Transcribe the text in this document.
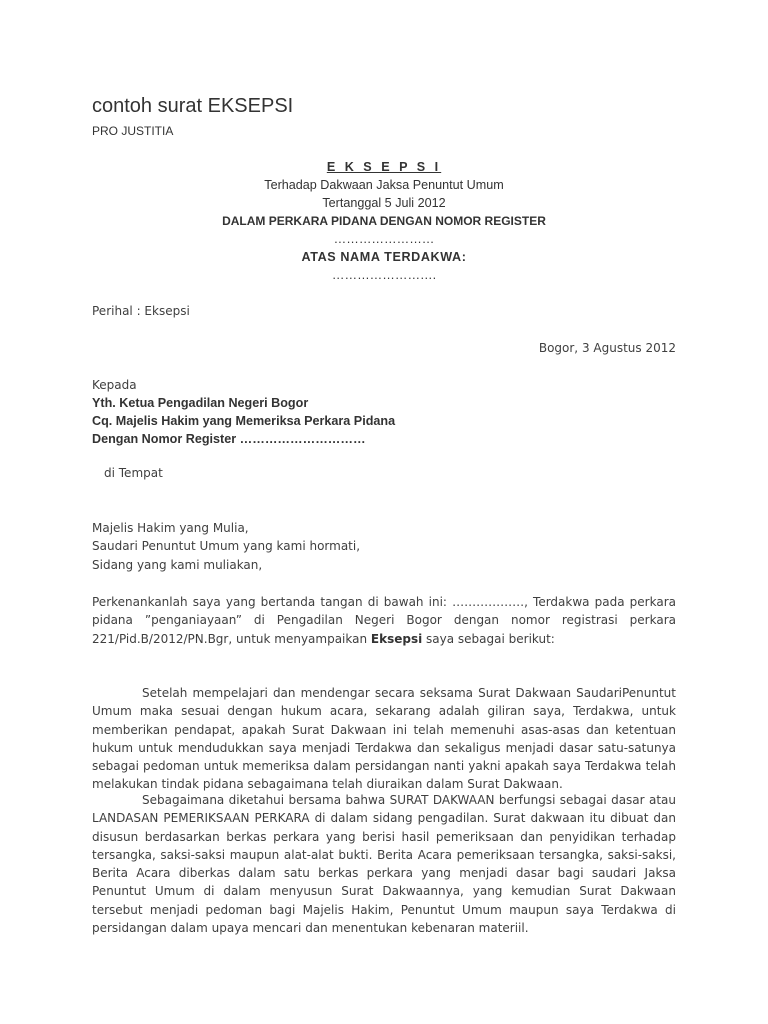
contoh surat EKSEPSI
PRO JUSTITIA
E K S E P S I
Terhadap Dakwaan Jaksa Penuntut Umum
Tertanggal 5 Juli 2012
DALAM PERKARA PIDANA DENGAN NOMOR REGISTER
……………………
ATAS NAMA TERDAKWA:
…………………….
Perihal : Eksepsi
Bogor, 3 Agustus 2012
Kepada
Yth. Ketua Pengadilan Negeri Bogor
Cq. Majelis Hakim yang Memeriksa Perkara Pidana
Dengan Nomor Register …………………………
di Tempat
Majelis Hakim yang Mulia,
Saudari Penuntut Umum yang kami hormati,
Sidang yang kami muliakan,
Perkenankanlah saya yang bertanda tangan di bawah ini: ………………, Terdakwa pada perkara pidana ”penganiayaan” di Pengadilan Negeri Bogor dengan nomor registrasi perkara 221/Pid.B/2012/PN.Bgr, untuk menyampaikan Eksepsi saya sebagai berikut:
Setelah mempelajari dan mendengar secara seksama Surat Dakwaan SaudariPenuntut Umum maka sesuai dengan hukum acara, sekarang adalah giliran saya, Terdakwa, untuk memberikan pendapat, apakah Surat Dakwaan ini telah memenuhi asas-asas dan ketentuan hukum untuk mendudukkan saya menjadi Terdakwa dan sekaligus menjadi dasar satu-satunya sebagai pedoman untuk memeriksa dalam persidangan nanti yakni apakah saya Terdakwa telah melakukan tindak pidana sebagaimana telah diuraikan dalam Surat Dakwaan.
Sebagaimana diketahui bersama bahwa SURAT DAKWAAN berfungsi sebagai dasar atau LANDASAN PEMERIKSAAN PERKARA di dalam sidang pengadilan. Surat dakwaan itu dibuat dan disusun berdasarkan berkas perkara yang berisi hasil pemeriksaan dan penyidikan terhadap tersangka, saksi-saksi maupun alat-alat bukti. Berita Acara pemeriksaan tersangka, saksi-saksi, Berita Acara diberkas dalam satu berkas perkara yang menjadi dasar bagi saudari Jaksa Penuntut Umum di dalam menyusun Surat Dakwaannya, yang kemudian Surat Dakwaan tersebut menjadi pedoman bagi Majelis Hakim, Penuntut Umum maupun saya Terdakwa di persidangan dalam upaya mencari dan menentukan kebenaran materiil.
